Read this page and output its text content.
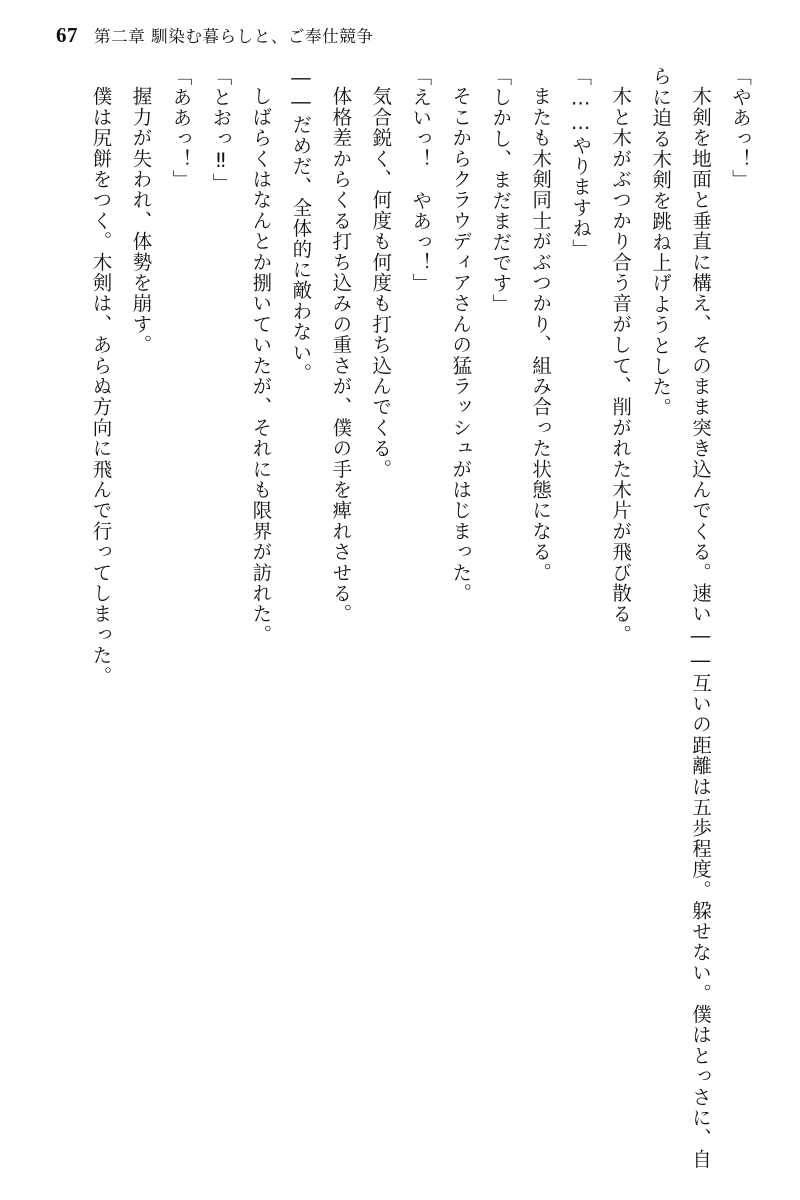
67 第二章 馴染む暮らしと、ご奉仕競争

「やあっ！」

木剣を地面と垂直に構え、そのまま突き込んでくる。速い――互いの距離は五歩程度。躱せない。僕はとっさに、自らに迫る木剣を跳ね上げようとした。

木と木がぶつかり合う音がして、削がれた木片が飛び散る。

「……やりますね」

またも木剣同士がぶつかり、組み合った状態になる。

「しかし、まだまだです」

そこからクラウディアさんの猛ラッシュがはじまった。

「えいっ！　やあっ！」

気合鋭く、何度も何度も打ち込んでくる。

体格差からくる打ち込みの重さが、僕の手を痺れさせる。

――だめだ、全体的に敵わない。

しばらくはなんとか捌いていたが、それにも限界が訪れた。

「とおっ‼」

「ああっ！」

握力が失われ、体勢を崩す。

僕は尻餅をつく。木剣は、あらぬ方向に飛んで行ってしまった。
